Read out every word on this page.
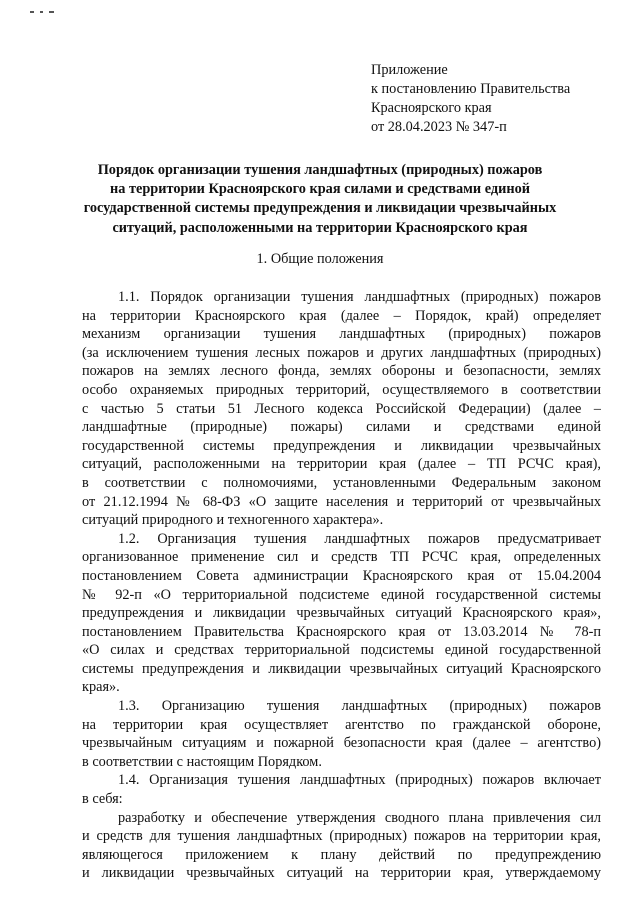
Приложение
к постановлению Правительства
Красноярского края
от 28.04.2023 № 347-п
Порядок организации тушения ландшафтных (природных) пожаров
на территории Красноярского края силами и средствами единой
государственной системы предупреждения и ликвидации чрезвычайных
ситуаций, расположенными на территории Красноярского края
1. Общие положения
1.1. Порядок организации тушения ландшафтных (природных) пожаров
на территории Красноярского края (далее – Порядок, край) определяет
механизм организации тушения ландшафтных (природных) пожаров
(за исключением тушения лесных пожаров и других ландшафтных (природных)
пожаров на землях лесного фонда, землях обороны и безопасности, землях
особо охраняемых природных территорий, осуществляемого в соответствии
с частью 5 статьи 51 Лесного кодекса Российской Федерации) (далее –
ландшафтные (природные) пожары) силами и средствами единой
государственной системы предупреждения и ликвидации чрезвычайных
ситуаций, расположенными на территории края (далее – ТП РСЧС края),
в соответствии с полномочиями, установленными Федеральным законом
от 21.12.1994 № 68-ФЗ «О защите населения и территорий от чрезвычайных
ситуаций природного и техногенного характера».
1.2. Организация тушения ландшафтных пожаров предусматривает
организованное применение сил и средств ТП РСЧС края, определенных
постановлением Совета администрации Красноярского края от 15.04.2004
№ 92-п «О территориальной подсистеме единой государственной системы
предупреждения и ликвидации чрезвычайных ситуаций Красноярского края»,
постановлением Правительства Красноярского края от 13.03.2014 № 78-п
«О силах и средствах территориальной подсистемы единой государственной
системы предупреждения и ликвидации чрезвычайных ситуаций Красноярского
края».
1.3. Организацию тушения ландшафтных (природных) пожаров
на территории края осуществляет агентство по гражданской обороне,
чрезвычайным ситуациям и пожарной безопасности края (далее – агентство)
в соответствии с настоящим Порядком.
1.4. Организация тушения ландшафтных (природных) пожаров включает
в себя:
разработку и обеспечение утверждения сводного плана привлечения сил
и средств для тушения ландшафтных (природных) пожаров на территории края,
являющегося приложением к плану действий по предупреждению
и ликвидации чрезвычайных ситуаций на территории края, утверждаемому
